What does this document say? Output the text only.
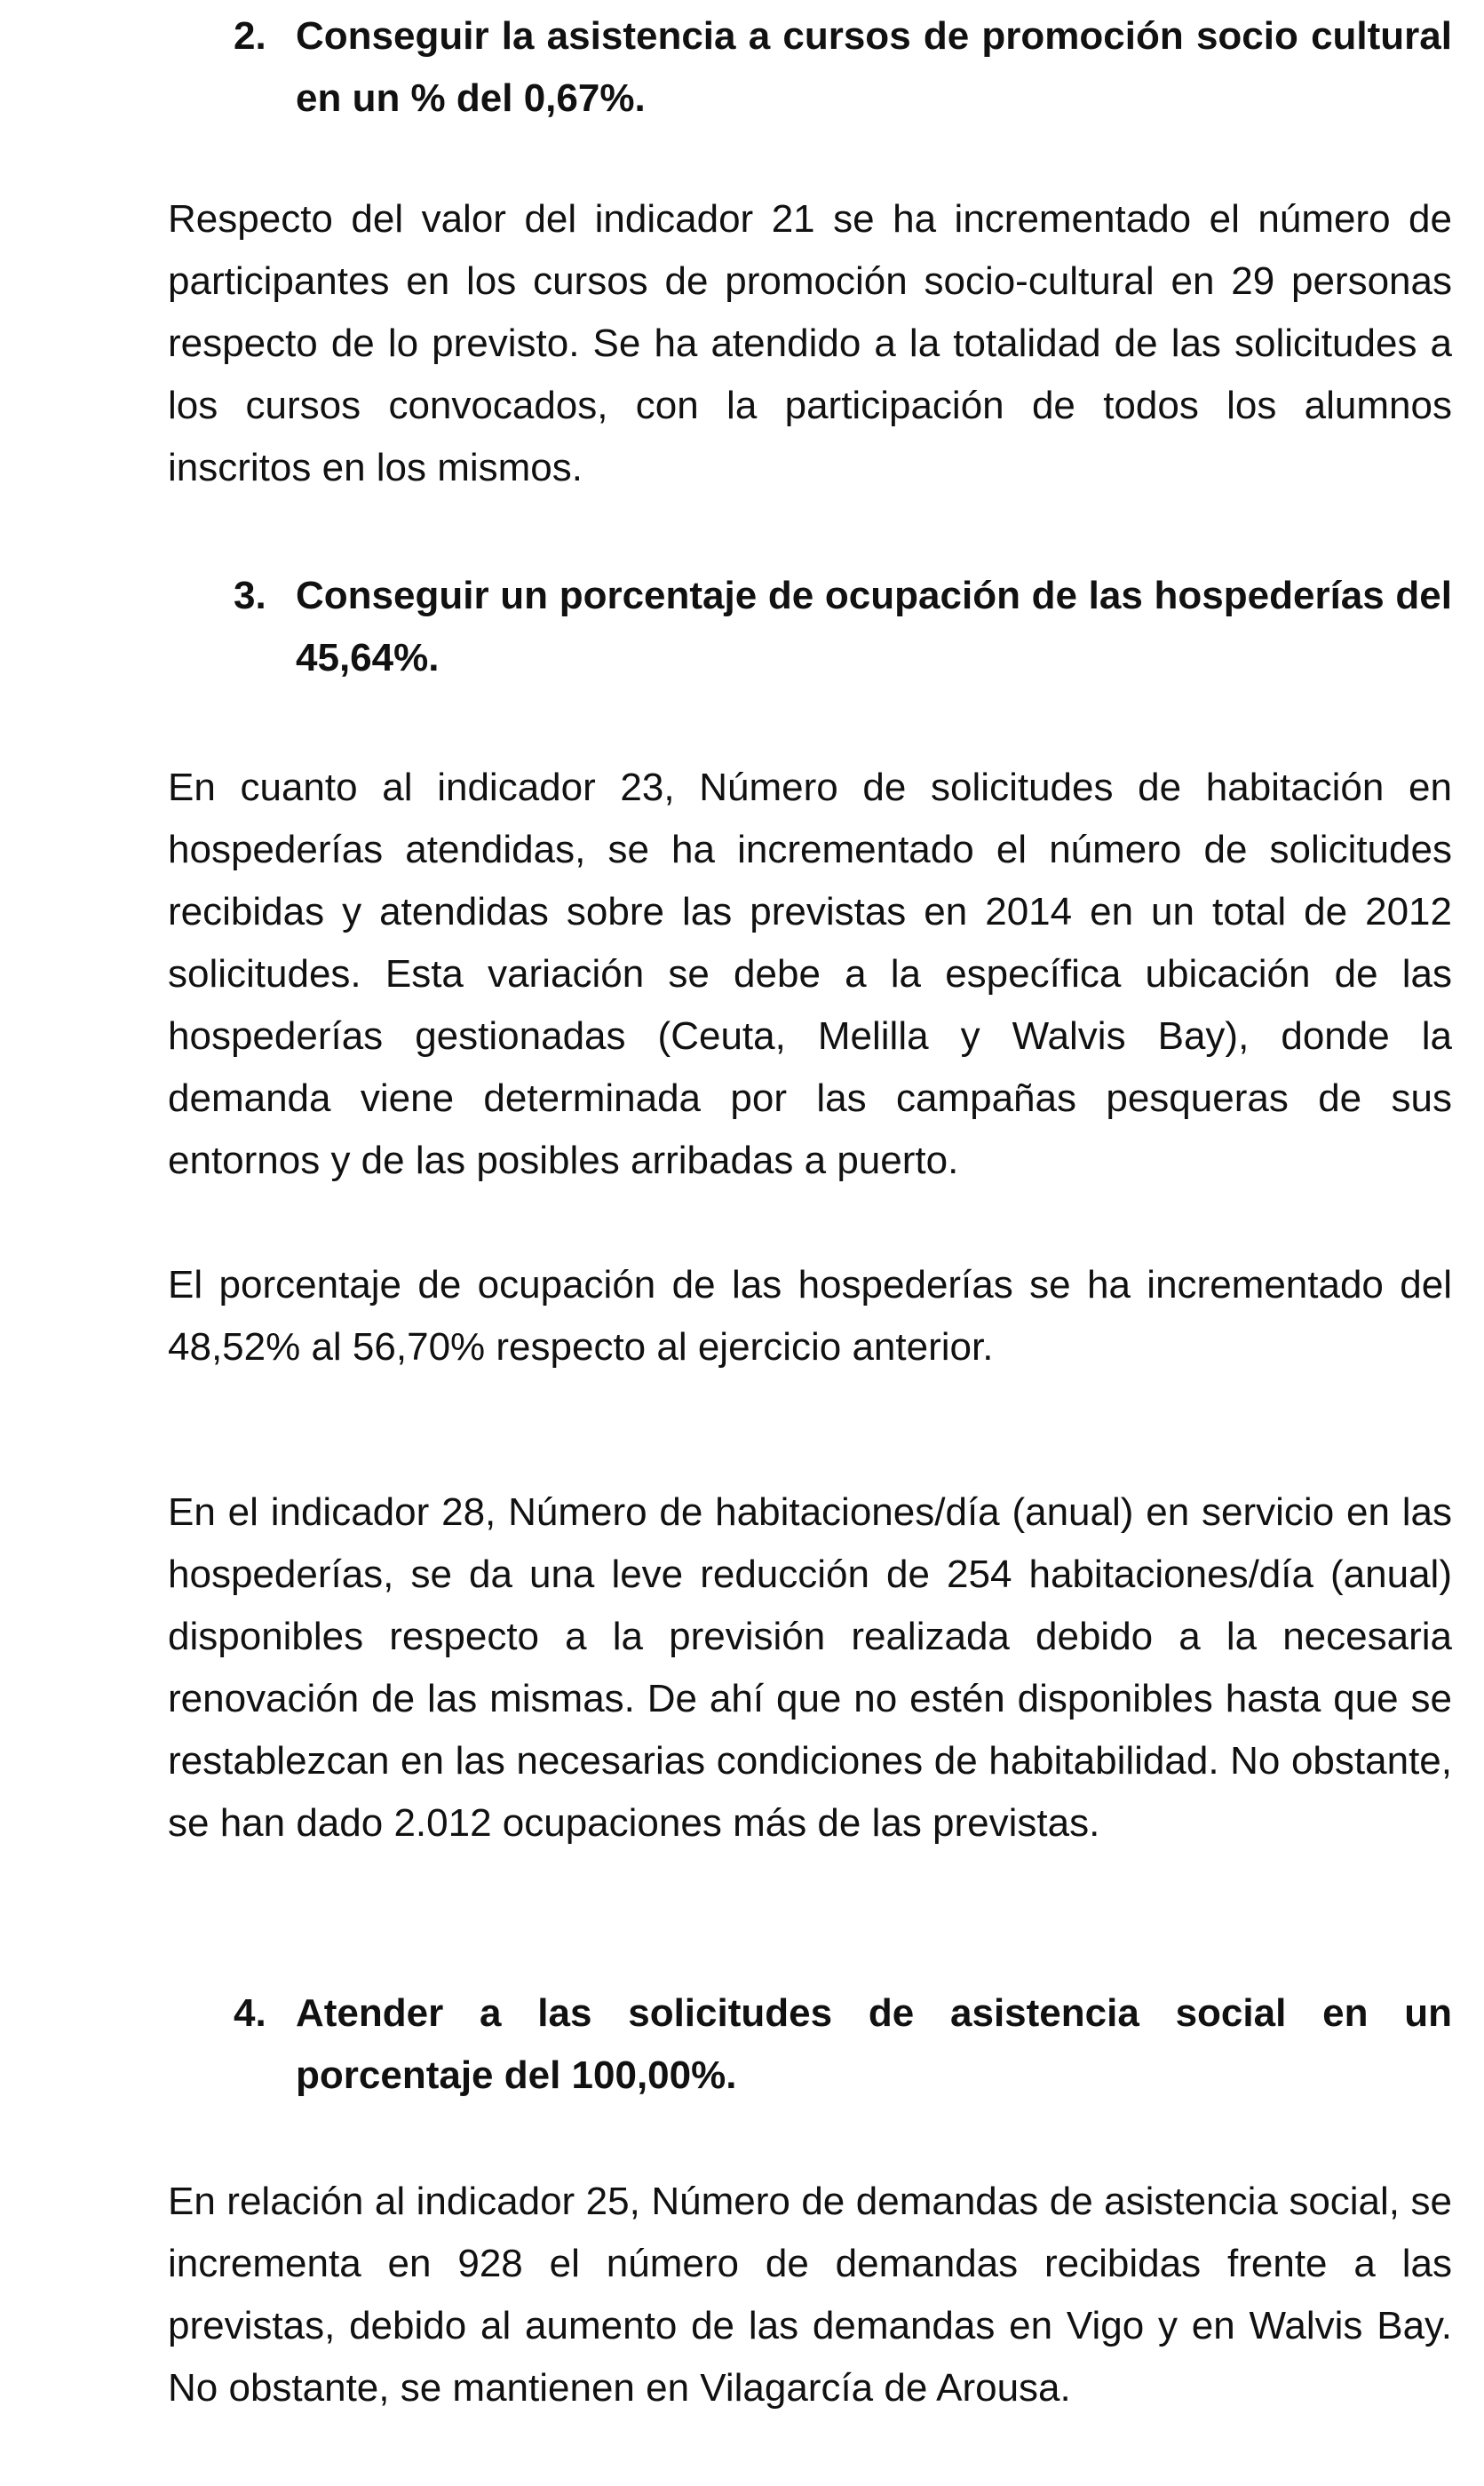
2. Conseguir la asistencia a cursos de promoción socio cultural en un % del 0,67%.

Respecto del valor del indicador 21 se ha incrementado el número de participantes en los cursos de promoción socio-cultural en 29 personas respecto de lo previsto. Se ha atendido a la totalidad de las solicitudes a los cursos convocados, con la participación de todos los alumnos inscritos en los mismos.

3. Conseguir un porcentaje de ocupación de las hospederías del 45,64%.

En cuanto al indicador 23, Número de solicitudes de habitación en hospederías atendidas, se ha incrementado el número de solicitudes recibidas y atendidas sobre las previstas en 2014 en un total de 2012 solicitudes. Esta variación se debe a la específica ubicación de las hospederías gestionadas (Ceuta, Melilla y Walvis Bay), donde la demanda viene determinada por las campañas pesqueras de sus entornos y de las posibles arribadas a puerto.

El porcentaje de ocupación de las hospederías se ha incrementado del 48,52% al 56,70% respecto al ejercicio anterior.

En el indicador 28, Número de habitaciones/día (anual) en servicio en las hospederías, se da una leve reducción de 254 habitaciones/día (anual) disponibles respecto a la previsión realizada debido a la necesaria renovación de las mismas. De ahí que no estén disponibles hasta que se restablezcan en las necesarias condiciones de habitabilidad. No obstante, se han dado 2.012 ocupaciones más de las previstas.

4. Atender a las solicitudes de asistencia social en un porcentaje del 100,00%.

En relación al indicador 25, Número de demandas de asistencia social, se incrementa en 928 el número de demandas recibidas frente a las previstas, debido al aumento de las demandas en Vigo y en Walvis Bay. No obstante, se mantienen en Vilagarcía de Arousa.
